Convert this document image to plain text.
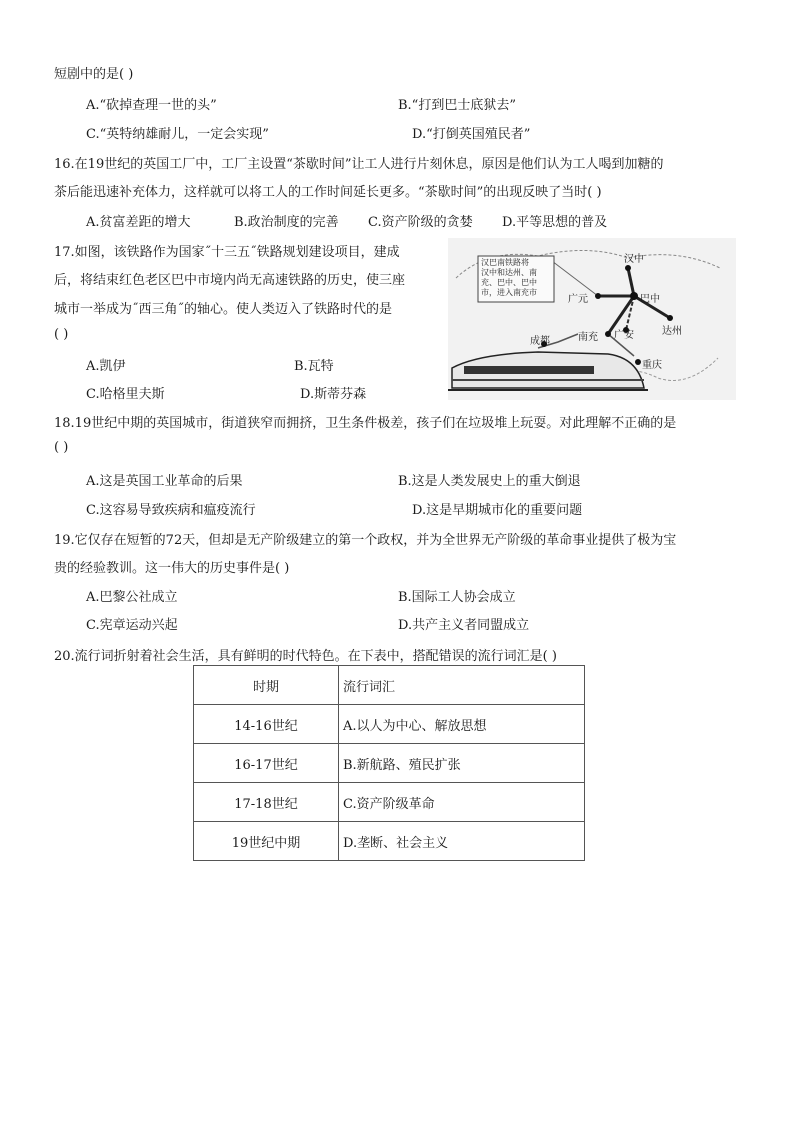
短剧中的是( )
A.“砍掉查理一世的头”	B.“打到巴士底狱去”
C.“英特纳雄耐儿，一定会实现”	D.“打倒英国殖民者”
16.在19世纪的英国工厂中，工厂主设置“茶歇时间”让工人进行片刻休息，原因是他们认为工人喝到加糖的
茶后能迅速补充体力，这样就可以将工人的工作时间延长更多。“茶歇时间”的出现反映了当时( )
A.贫富差距的增大	B.政治制度的完善 C.资产阶级的贪婪 D.平等思想的普及
17.如图，该铁路作为国家˝十三五˝铁路规划建设项目，建成
后，将结束红色老区巴中市境内尚无高速铁路的历史，使三座
城市一举成为˝西三角˝的轴心。使人类迈入了铁路时代的是
( )
A.凯伊	B.瓦特
C.哈格里夫斯	D.斯蒂芬森
汉中
广元	巴中
达州
南充 广安
成都
重庆
汉巴南铁路将
汉中和达州、南
充、巴中、巴中
市，进入南充市
18.19世纪中期的英国城市，街道狭窄而拥挤，卫生条件极差，孩子们在垃圾堆上玩耍。对此理解不正确的是
( )
A.这是英国工业革命的后果	B.这是人类发展史上的重大倒退
C.这容易导致疾病和瘟疫流行	D.这是早期城市化的重要问题
19.它仅存在短暂的72天，但却是无产阶级建立的第一个政权，并为全世界无产阶级的革命事业提供了极为宝
贵的经验教训。这一伟大的历史事件是( )
A.巴黎公社成立	B.国际工人协会成立
C.宪章运动兴起	D.共产主义者同盟成立
20.流行词折射着社会生活，具有鲜明的时代特色。在下表中，搭配错误的流行词汇是( )
时期	流行词汇
14-16世纪	A.以人为中心、解放思想
16-17世纪	B.新航路、殖民扩张
17-18世纪	C.资产阶级革命
19世纪中期	D.垄断、社会主义
